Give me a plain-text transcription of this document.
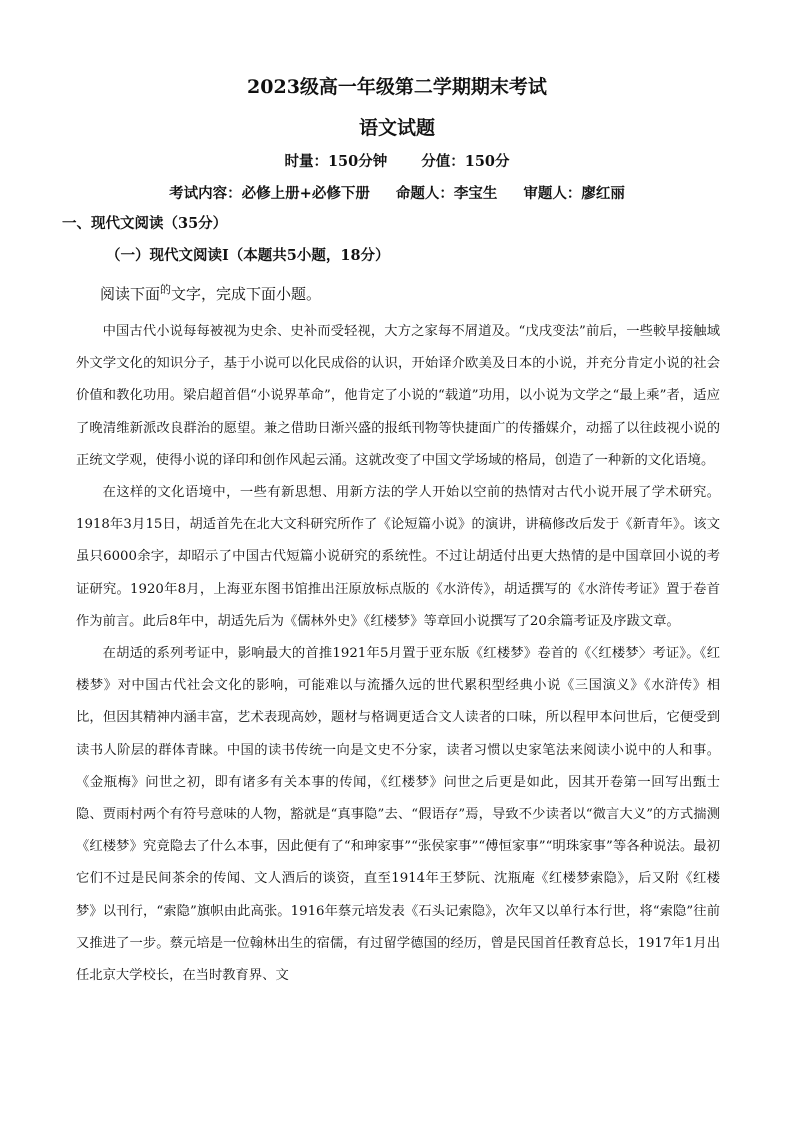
2023级高一年级第二学期期末考试
语文试题
时量：150分钟 分值：150分
考试内容：必修上册+必修下册 命题人：李宝生 审题人：廖红丽
一、现代文阅读（35分）
（一）现代文阅读Ⅰ（本题共5小题，18分）
阅读下面$^的$文字，完成下面小题。

中国古代小说每每被视为史余、史补而受轻视，大方之家每不屑道及。“戊戌变法”前后，一些較早接触域外文学文化的知识分子，基于小说可以化民成俗的认识，开始译介欧美及日本的小说，并充分肯定小说的社会价值和教化功用。梁启超首倡“小说界革命”，他肯定了小说的“载道”功用，以小说为文学之“最上乘”者，适应了晚清维新派改良群治的愿望。兼之借助日渐兴盛的报纸刊物等快捷面广的传播媒介，动摇了以往歧视小说的正统文学观，使得小说的译印和创作风起云涌。这就改变了中国文学场域的格局，创造了一种新的文化语境。

在这样的文化语境中，一些有新思想、用新方法的学人开始以空前的热情对古代小说开展了学术研究。1918年3月15日，胡适首先在北大文科研究所作了《论短篇小说》的演讲，讲稿修改后发于《新青年》。该文虽只6000余字，却昭示了中国古代短篇小说研究的系统性。不过让胡适付出更大热情的是中国章回小说的考证研究。1920年8月，上海亚东图书馆推出汪原放标点版的《水浒传》，胡适撰写的《水浒传考证》置于卷首作为前言。此后8年中，胡适先后为《儒林外史》《红楼梦》等章回小说撰写了20余篇考证及序跋文章。

在胡适的系列考证中，影响最大的首推1921年5月置于亚东版《红楼梦》卷首的《〈红楼梦〉考证》。《红楼梦》对中国古代社会文化的影响，可能难以与流播久远的世代累积型经典小说《三国演义》《水浒传》相比，但因其精神内涵丰富，艺术表现高妙，题材与格调更适合文人读者的口味，所以程甲本问世后，它便受到读书人阶层的群体青睐。中国的读书传统一向是文史不分家，读者习惯以史家笔法来阅读小说中的人和事。《金瓶梅》问世之初，即有诸多有关本事的传闻，《红楼梦》问世之后更是如此，因其开卷第一回写出甄士隐、贾雨村两个有符号意味的人物，豁就是“真事隐”去、“假语存”焉，导致不少读者以“微言大义”的方式揣测《红楼梦》究竟隐去了什么本事，因此便有了“和珅家事”“张侯家事”“傅恒家事”“明珠家事”等各种说法。最初它们不过是民间茶余的传闻、文人酒后的谈资，直至1914年王梦阮、沈瓶庵《红楼梦索隐》，后又附《红楼梦》以刊行，“索隐”旗帜由此高张。1916年蔡元培发表《石头记索隐》，次年又以单行本行世，将“索隐”往前又推进了一步。蔡元培是一位翰林出生的宿儒，有过留学德国的经历，曾是民国首任教育总长，1917年1月出任北京大学校长，在当时教育界、文
